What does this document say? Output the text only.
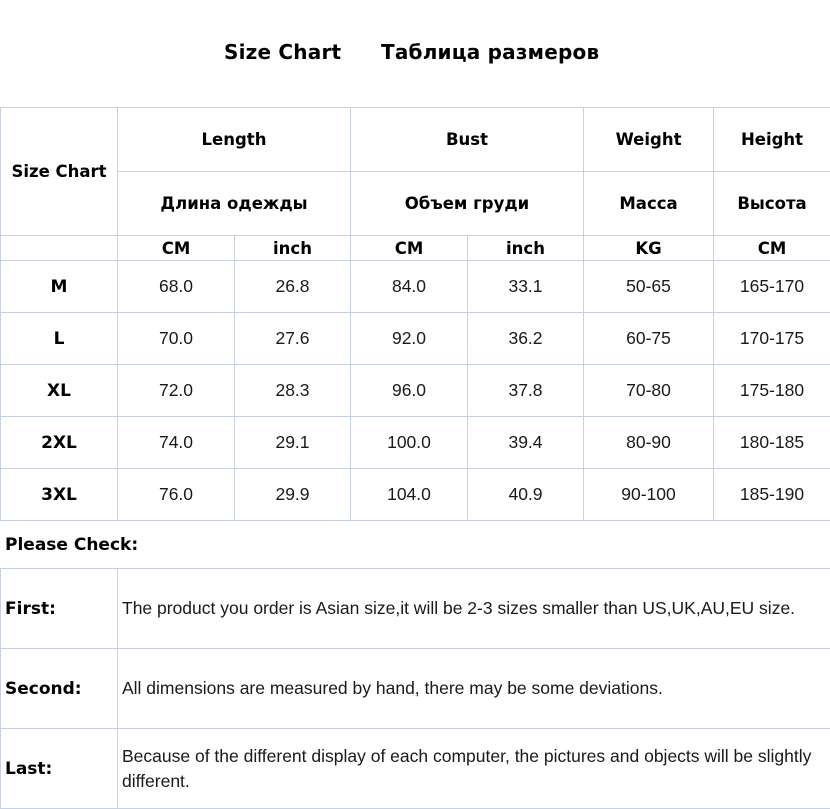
Size Chart Таблица размеров
Size Chart	Length		Bust		Weight	Height
	Длина одежды		Объем груди		Масса	Высота
	CM	inch	CM	inch	KG	CM
M	68.0	26.8	84.0	33.1	50-65	165-170
L	70.0	27.6	92.0	36.2	60-75	170-175
XL	72.0	28.3	96.0	37.8	70-80	175-180
2XL	74.0	29.1	100.0	39.4	80-90	180-185
3XL	76.0	29.9	104.0	40.9	90-100	185-190
Please Check:
First:	The product you order is Asian size,it will be 2-3 sizes smaller than US,UK,AU,EU size.
Second:	All dimensions are measured by hand, there may be some deviations.
Last:	Because of the different display of each computer, the pictures and objects will be slightly different.
